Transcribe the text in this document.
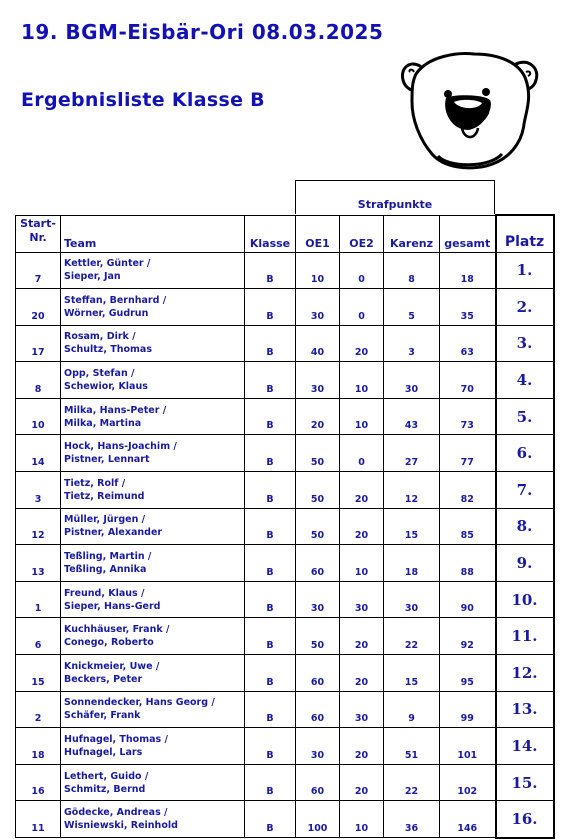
19. BGM-Eisbär-Ori 08.03.2025
Ergebnisliste Klasse B
Strafpunkte
Start-
Nr.	Team	Klasse	OE1	OE2	Karenz	gesamt	Platz
7	Kettler, Günter /
Sieper, Jan	B	10	0	8	18	1.
20	Steffan, Bernhard /
Wörner, Gudrun	B	30	0	5	35	2.
17	Rosam, Dirk /
Schultz, Thomas	B	40	20	3	63	3.
8	Opp, Stefan /
Schewior, Klaus	B	30	10	30	70	4.
10	Milka, Hans-Peter /
Milka, Martina	B	20	10	43	73	5.
14	Hock, Hans-Joachim /
Pistner, Lennart	B	50	0	27	77	6.
3	Tietz, Rolf /
Tietz, Reimund	B	50	20	12	82	7.
12	Müller, Jürgen /
Pistner, Alexander	B	50	20	15	85	8.
13	Teßling, Martin /
Teßling, Annika	B	60	10	18	88	9.
1	Freund, Klaus /
Sieper, Hans-Gerd	B	30	30	30	90	10.
6	Kuchhäuser, Frank /
Conego, Roberto	B	50	20	22	92	11.
15	Knickmeier, Uwe /
Beckers, Peter	B	60	20	15	95	12.
2	Sonnendecker, Hans Georg /
Schäfer, Frank	B	60	30	9	99	13.
18	Hufnagel, Thomas /
Hufnagel, Lars	B	30	20	51	101	14.
16	Lethert, Guido /
Schmitz, Bernd	B	60	20	22	102	15.
11	Gödecke, Andreas /
Wisniewski, Reinhold	B	100	10	36	146	16.
